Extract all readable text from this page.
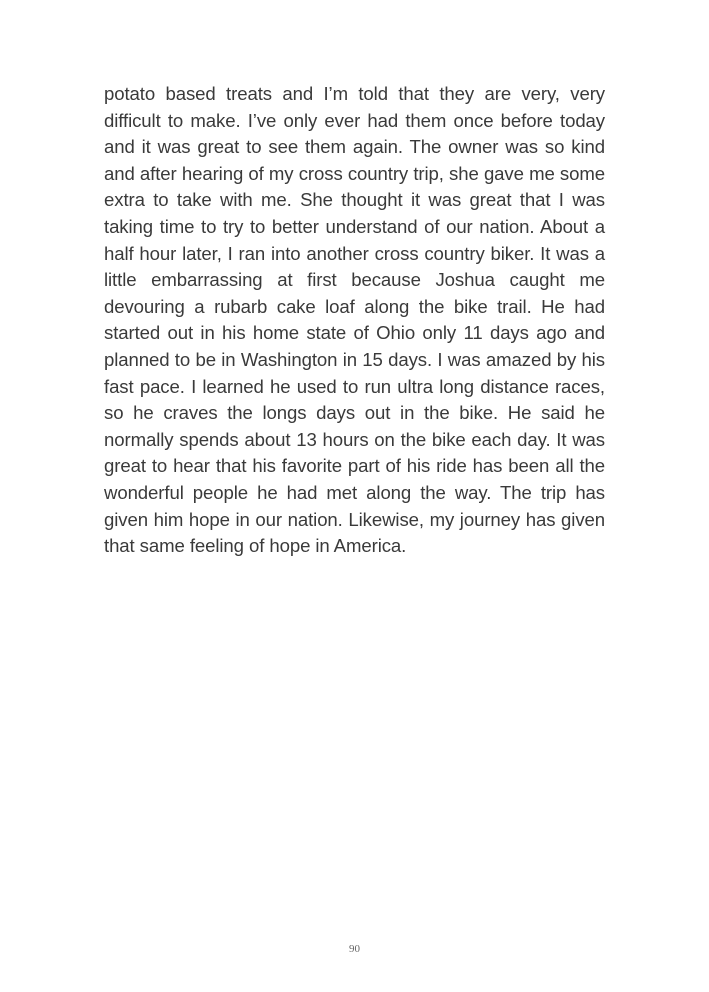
potato based treats and I’m told that they are very, very difficult to make. I’ve only ever had them once before today and it was great to see them again. The owner was so kind and after hearing of my cross country trip, she gave me some extra to take with me. She thought it was great that I was taking time to try to better understand of our nation. About a half hour later, I ran into another cross country biker. It was a little embarrassing at first because Joshua caught me devouring a rubarb cake loaf along the bike trail. He had started out in his home state of Ohio only 11 days ago and planned to be in Washington in 15 days. I was amazed by his fast pace. I learned he used to run ultra long distance races, so he craves the longs days out in the bike. He said he normally spends about 13 hours on the bike each day. It was great to hear that his favorite part of his ride has been all the wonderful people he had met along the way. The trip has given him hope in our nation. Likewise, my journey has given that same feeling of hope in America.

90
